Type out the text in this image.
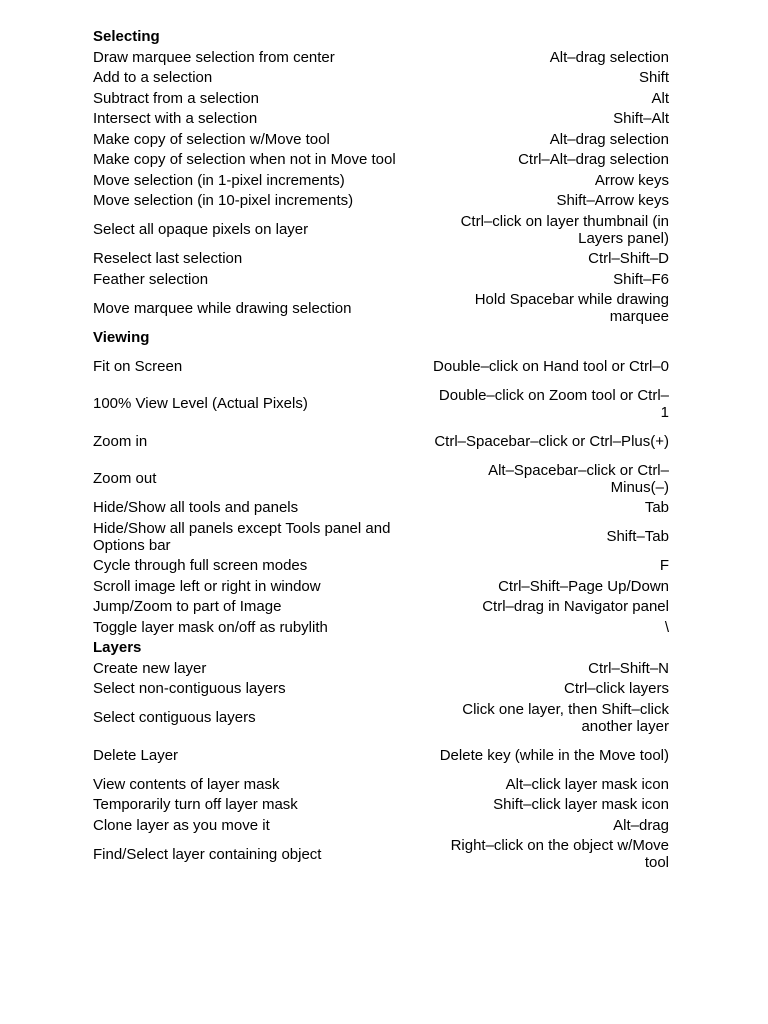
Selecting
Draw marquee selection from center	Alt–drag selection
Add to a selection	Shift
Subtract from a selection	Alt
Intersect with a selection	Shift–Alt
Make copy of selection w/Move tool	Alt–drag selection
Make copy of selection when not in Move tool	Ctrl–Alt–drag selection
Move selection (in 1-pixel increments)	Arrow keys
Move selection (in 10-pixel increments)	Shift–Arrow keys
Select all opaque pixels on layer	Ctrl–click on layer thumbnail (in Layers panel)
Reselect last selection	Ctrl–Shift–D
Feather selection	Shift–F6
Move marquee while drawing selection	Hold Spacebar while drawing marquee
Viewing
Fit on Screen	Double–click on Hand tool or Ctrl–0
100% View Level (Actual Pixels)	Double–click on Zoom tool or Ctrl–1
Zoom in	Ctrl–Spacebar–click or Ctrl–Plus(+)
Zoom out	Alt–Spacebar–click or Ctrl–Minus(–)
Hide/Show all tools and panels	Tab
Hide/Show all panels except Tools panel and Options bar	Shift–Tab
Cycle through full screen modes	F
Scroll image left or right in window	Ctrl–Shift–Page Up/Down
Jump/Zoom to part of Image	Ctrl–drag in Navigator panel
Toggle layer mask on/off as rubylith	\
Layers
Create new layer	Ctrl–Shift–N
Select non-contiguous layers	Ctrl–click layers
Select contiguous layers	Click one layer, then Shift–click another layer
Delete Layer	Delete key (while in the Move tool)
View contents of layer mask	Alt–click layer mask icon
Temporarily turn off layer mask	Shift–click layer mask icon
Clone layer as you move it	Alt–drag
Find/Select layer containing object	Right–click on the object w/Move tool
